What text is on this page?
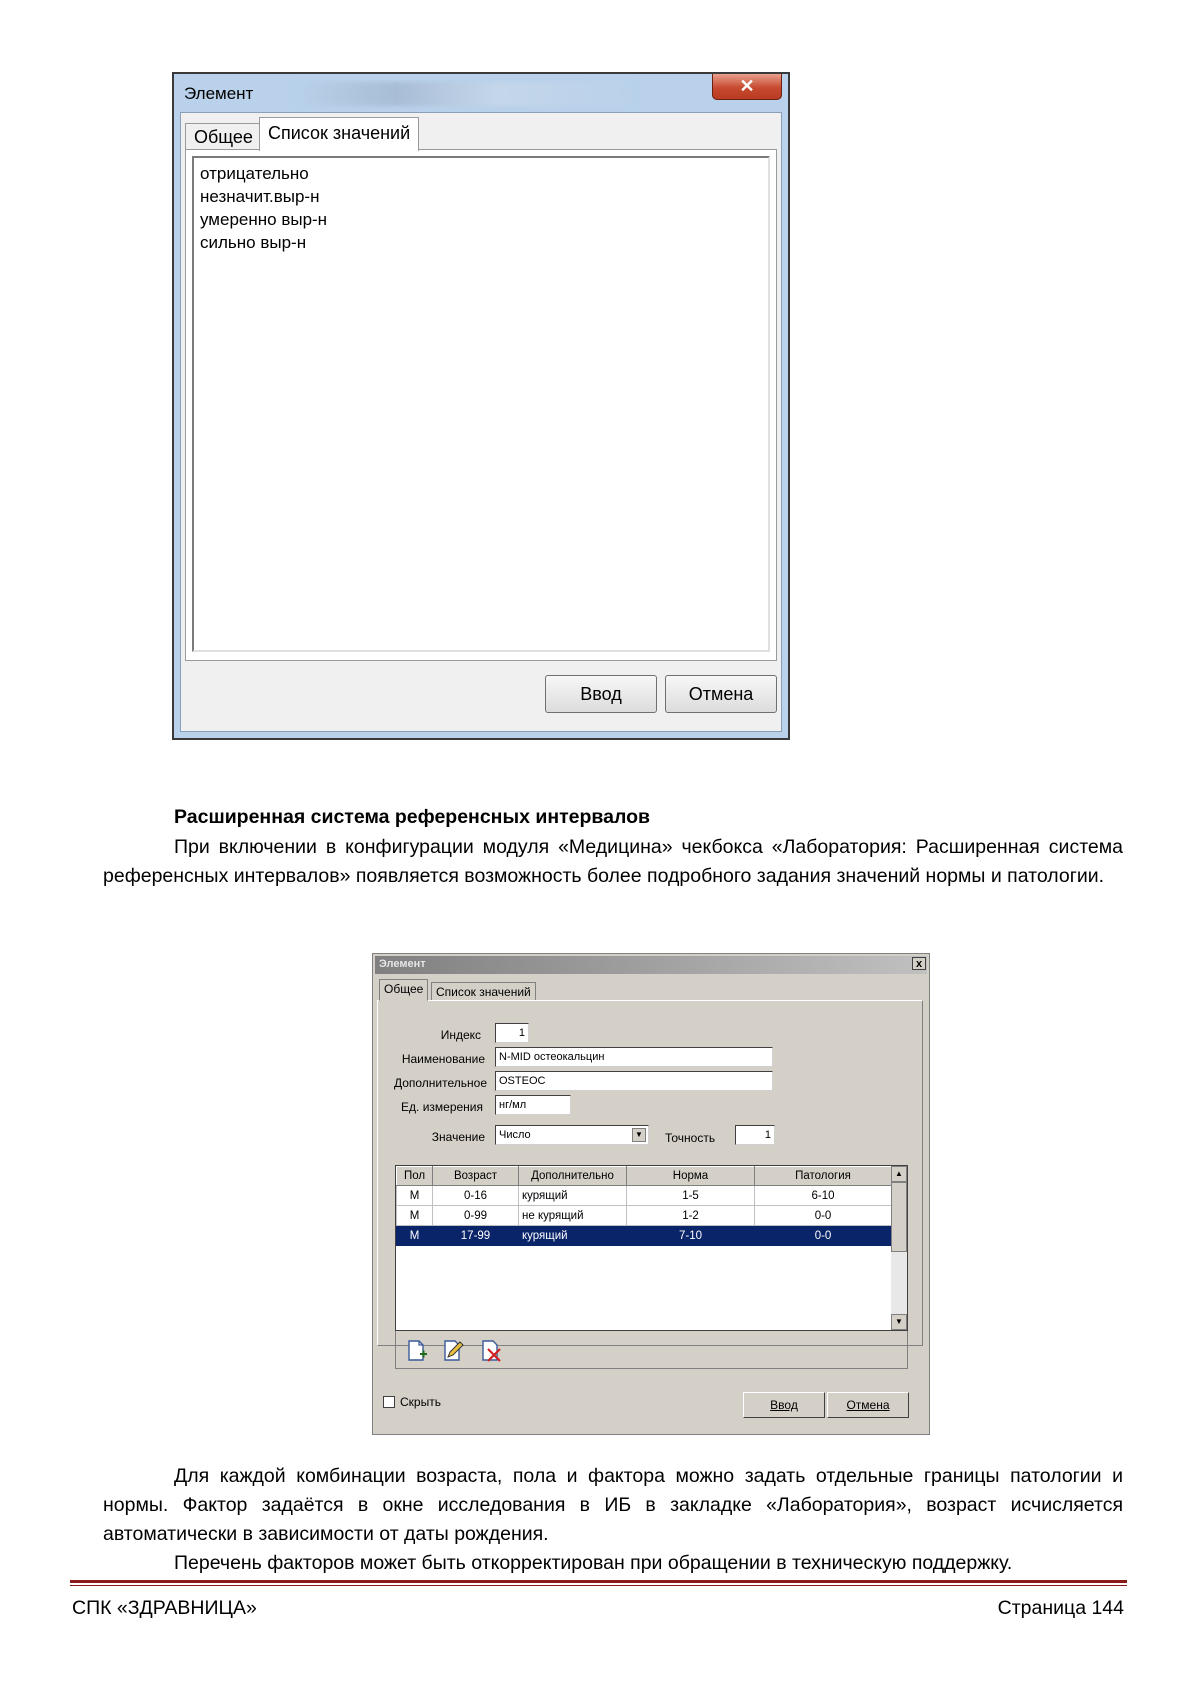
Элемент	✕
Общее Список значений
отрицательно
незначит.выр-н
умеренно выр-н
сильно выр-н
Ввод	Отмена
Расширенная система референсных интервалов
При включении в конфигурации модуля «Медицина» чекбокса «Лаборатория: Расширенная система референсных интервалов» появляется возможность более подробного задания значений нормы и патологии.
Элемент	x
Общее	Список значений
Индекс	1
Наименование	N-MID остеокальцин
Дополнительное	OSTEOC
Ед. измерения	нг/мл
Значение	Число	▼ Точность	1
Пол	Возраст	Дополнительно	Норма	Патология
М	0-16	курящий	1-5	6-10
М	0-99	не курящий	1-2	0-0
М	17-99	курящий	7-10	0-0
▲
▼
Скрыть	Ввод	Отмена
Для каждой комбинации возраста, пола и фактора можно задать отдельные границы патологии и нормы. Фактор задаётся в окне исследования в ИБ в закладке «Лаборатория», возраст исчисляется автоматически в зависимости от даты рождения.
Перечень факторов может быть откорректирован при обращении в техническую поддержку.
СПК «ЗДРАВНИЦА»	Страница 144
